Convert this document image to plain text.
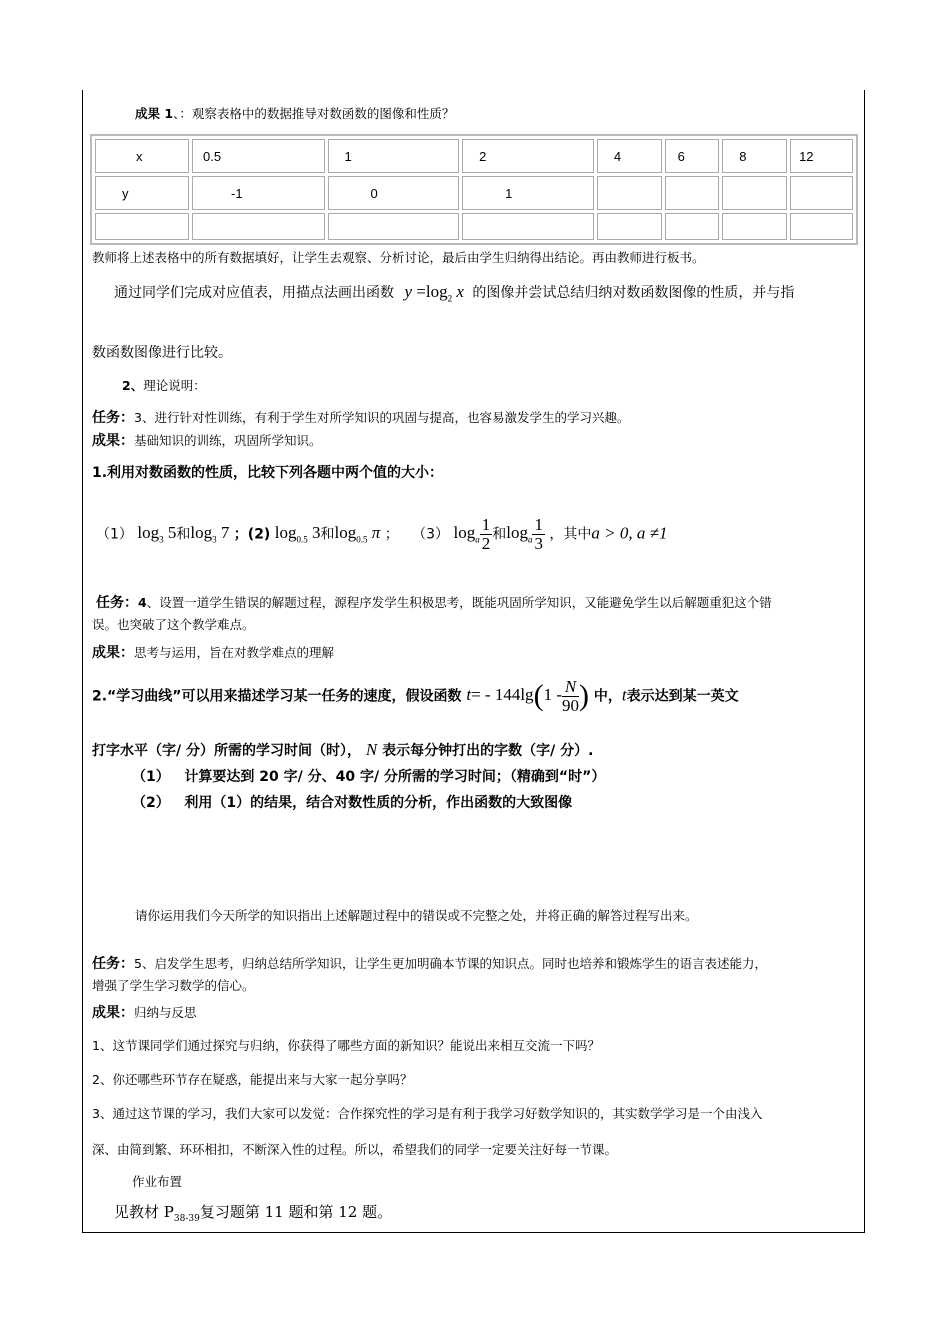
成果 1、：观察表格中的数据推导对数函数的图像和性质？
x	0.5	1	2	4	6	8	12
y	-1	0	1				

教师将上述表格中的所有数据填好，让学生去观察、分析讨论，最后由学生归纳得出结论。再由教师进行板书。
通过同学们完成对应值表，用描点法画出函数 $y =\log_2$ x 的图像并尝试总结归纳对数函数图像的性质，并与指
数函数图像进行比较。
2、理论说明：
任务：3、进行针对性训练，有利于学生对所学知识的巩固与提高，也容易激发学生的学习兴趣。
成果：基础知识的训练，巩固所学知识。
1.利用对数函数的性质，比较下列各题中两个值的大小：
（1） $\log_3 5$和$\log_3 7$ ；(2) $\log_{0.5} 3$和$\log_{0.5} \pi$ ； （3） $\log_a \frac{1}{2}$ 和$\log_a \frac{1}{3}$ ，其中a > 0, a ≠1
任务：4、设置一道学生错误的解题过程，源程序发学生积极思考，既能巩固所学知识，又能避免学生以后解题重犯这个错
误。也突破了这个教学难点。
成果：思考与运用，旨在对教学难点的理解
2.“学习曲线”可以用来描述学习某一任务的速度，假设函数 $t= - 144\lg(1 - \frac{N}{90}$ ) 中，t表示达到某一英文
打字水平（字/ 分）所需的学习时间（时）， N 表示每分钟打出的字数（字/ 分）.
（1） 计算要达到 20 字/ 分、40 字/ 分所需的学习时间；（精确到“时”）
（2） 利用（1）的结果，结合对数性质的分析，作出函数的大致图像
请你运用我们今天所学的知识指出上述解题过程中的错误或不完整之处，并将正确的解答过程写出来。
任务：5、启发学生思考，归纳总结所学知识，让学生更加明确本节课的知识点。同时也培养和锻炼学生的语言表述能力，
增强了学生学习数学的信心。
成果：归纳与反思
1、这节课同学们通过探究与归纳，你获得了哪些方面的新知识？能说出来相互交流一下吗？
2、你还哪些环节存在疑惑，能提出来与大家一起分享吗？
3、通过这节课的学习，我们大家可以发觉：合作探究性的学习是有利于我学习好数学知识的，其实数学学习是一个由浅入
深、由简到繁、环环相扣，不断深入性的过程。所以，希望我们的同学一定要关注好每一节课。
作业布置
见教材 $P_{38-39}$复习题第 11 题和第 12 题。
